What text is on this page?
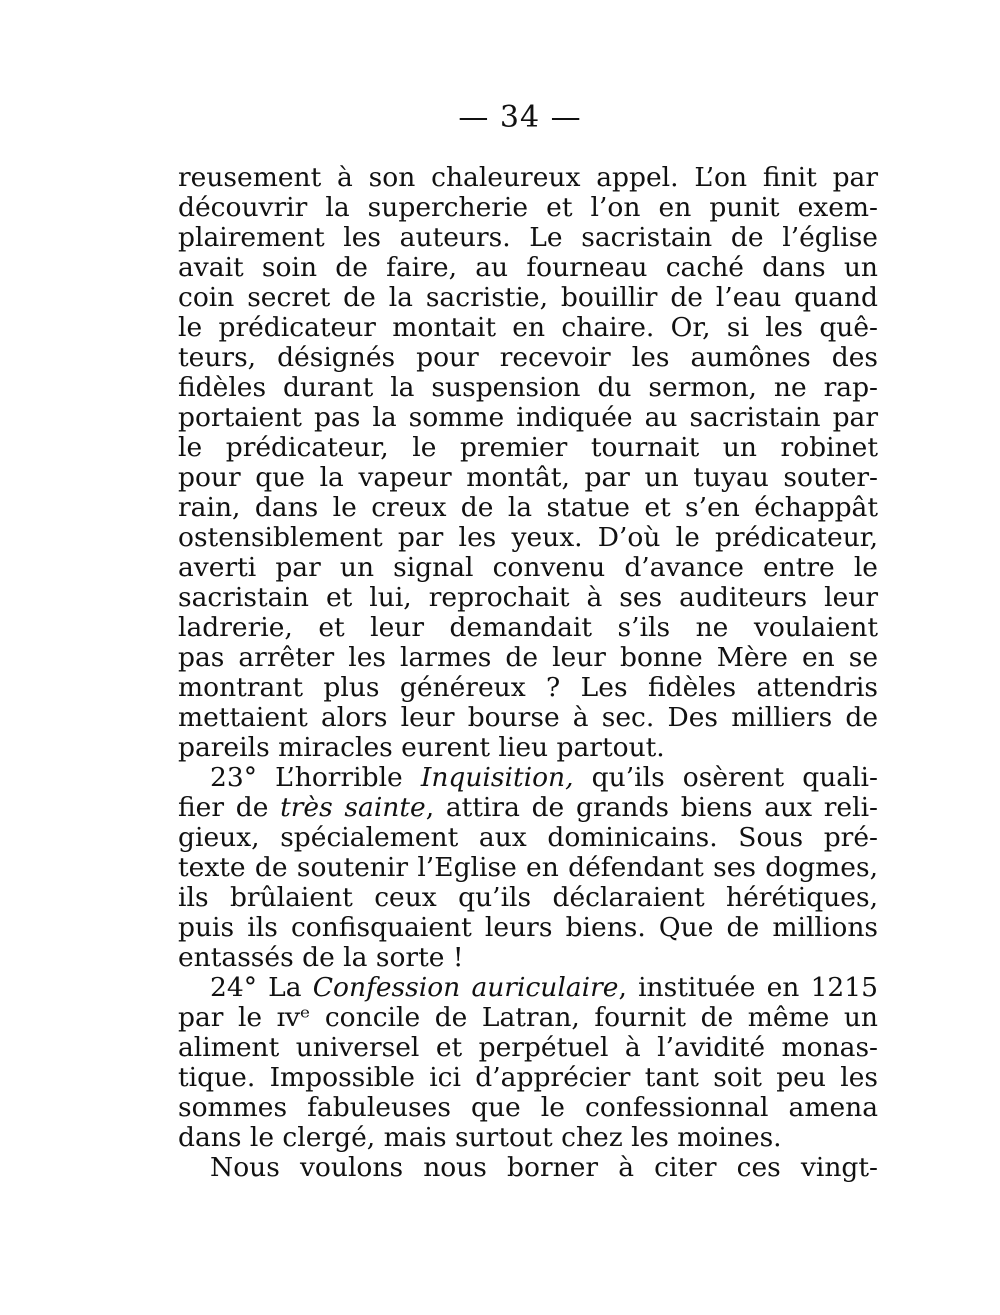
— 34 —
reusement à son chaleureux appel. L’on finit par
découvrir la supercherie et l’on en punit exem-
plairement les auteurs. Le sacristain de l’église
avait soin de faire, au fourneau caché dans un
coin secret de la sacristie, bouillir de l’eau quand
le prédicateur montait en chaire. Or, si les quê-
teurs, désignés pour recevoir les aumônes des
fidèles durant la suspension du sermon, ne rap-
portaient pas la somme indiquée au sacristain par
le prédicateur, le premier tournait un robinet
pour que la vapeur montât, par un tuyau souter-
rain, dans le creux de la statue et s’en échappât
ostensiblement par les yeux. D’où le prédicateur,
averti par un signal convenu d’avance entre le
sacristain et lui, reprochait à ses auditeurs leur
ladrerie, et leur demandait s’ils ne voulaient
pas arrêter les larmes de leur bonne Mère en se
montrant plus généreux ? Les fidèles attendris
mettaient alors leur bourse à sec. Des milliers de
pareils miracles eurent lieu partout.
23° L’horrible Inquisition, qu’ils osèrent quali-
fier de très sainte, attira de grands biens aux reli-
gieux, spécialement aux dominicains. Sous pré-
texte de soutenir l’Eglise en défendant ses dogmes,
ils brûlaient ceux qu’ils déclaraient hérétiques,
puis ils confisquaient leurs biens. Que de millions
entassés de la sorte !
24° La Confession auriculaire, instituée en 1215
par le ɪvᵉ concile de Latran, fournit de même un
aliment universel et perpétuel à l’avidité monas-
tique. Impossible ici d’apprécier tant soit peu les
sommes fabuleuses que le confessionnal amena
dans le clergé, mais surtout chez les moines.
Nous voulons nous borner à citer ces vingt-
